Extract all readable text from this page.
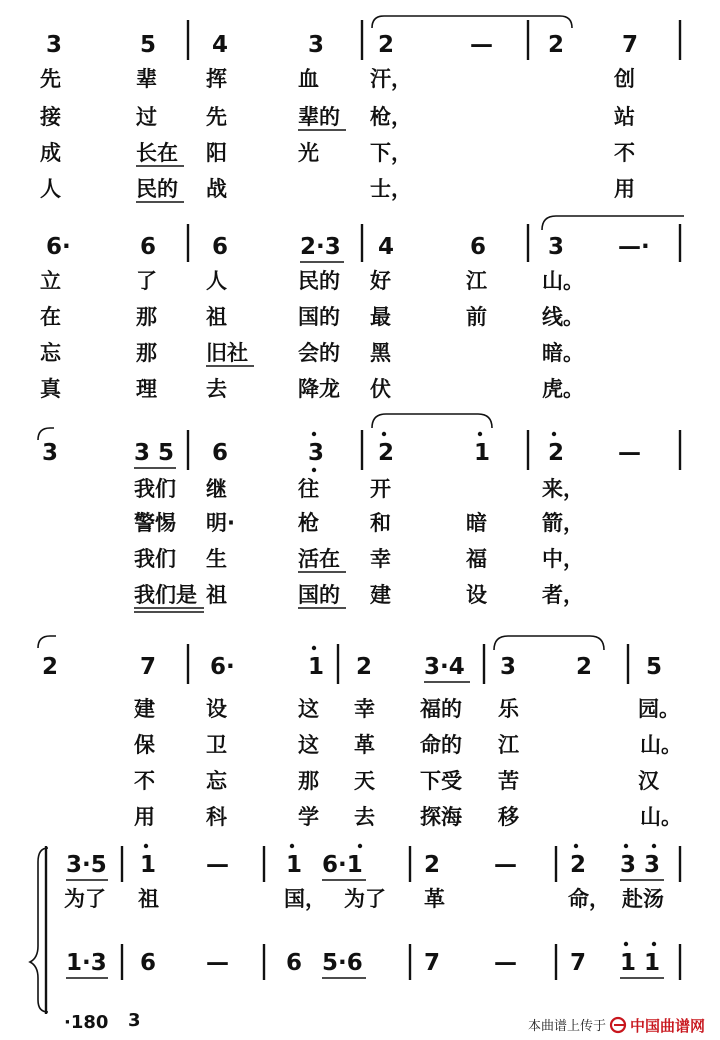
3	5 4	3 2	— 2	7
先	辈 挥	血 汗，	创
接	过 先	辈的 枪，	站
成	长在 阳	光 下，	不
人	民的 战	士，	用
6·	6 6	2·3 4	6	3 —·
立	了 人	民的 好	江	山。
在	那 祖	国的 最	前	线。
忘	那 旧社 会的 黑	暗。
真	理 去	降龙 伏	虎。
3	3 5 6	3 2	1	2 —
我们 继	往 开	来，
警惕 明·	枪 和	暗	箭，
我们 生	活在 幸	福	中，
我们是 祖	国的 建	设	者，
2	7 6·	1 2 3·4 3	2 5
建 设	这 幸 福的 乐	园。
保 卫	这 革 命的 江	山。
不 忘	那 天 下受 苦	汉
用 科	学 去 探海 移	山。
3·5 1 — 1 6·1	2 — 2 3 3
为了 祖	国， 为了 革	命， 赴汤
1·3 6 — 6 5·6	7 — 7 1 1
·180 3	本曲谱上传于 中国曲谱网
